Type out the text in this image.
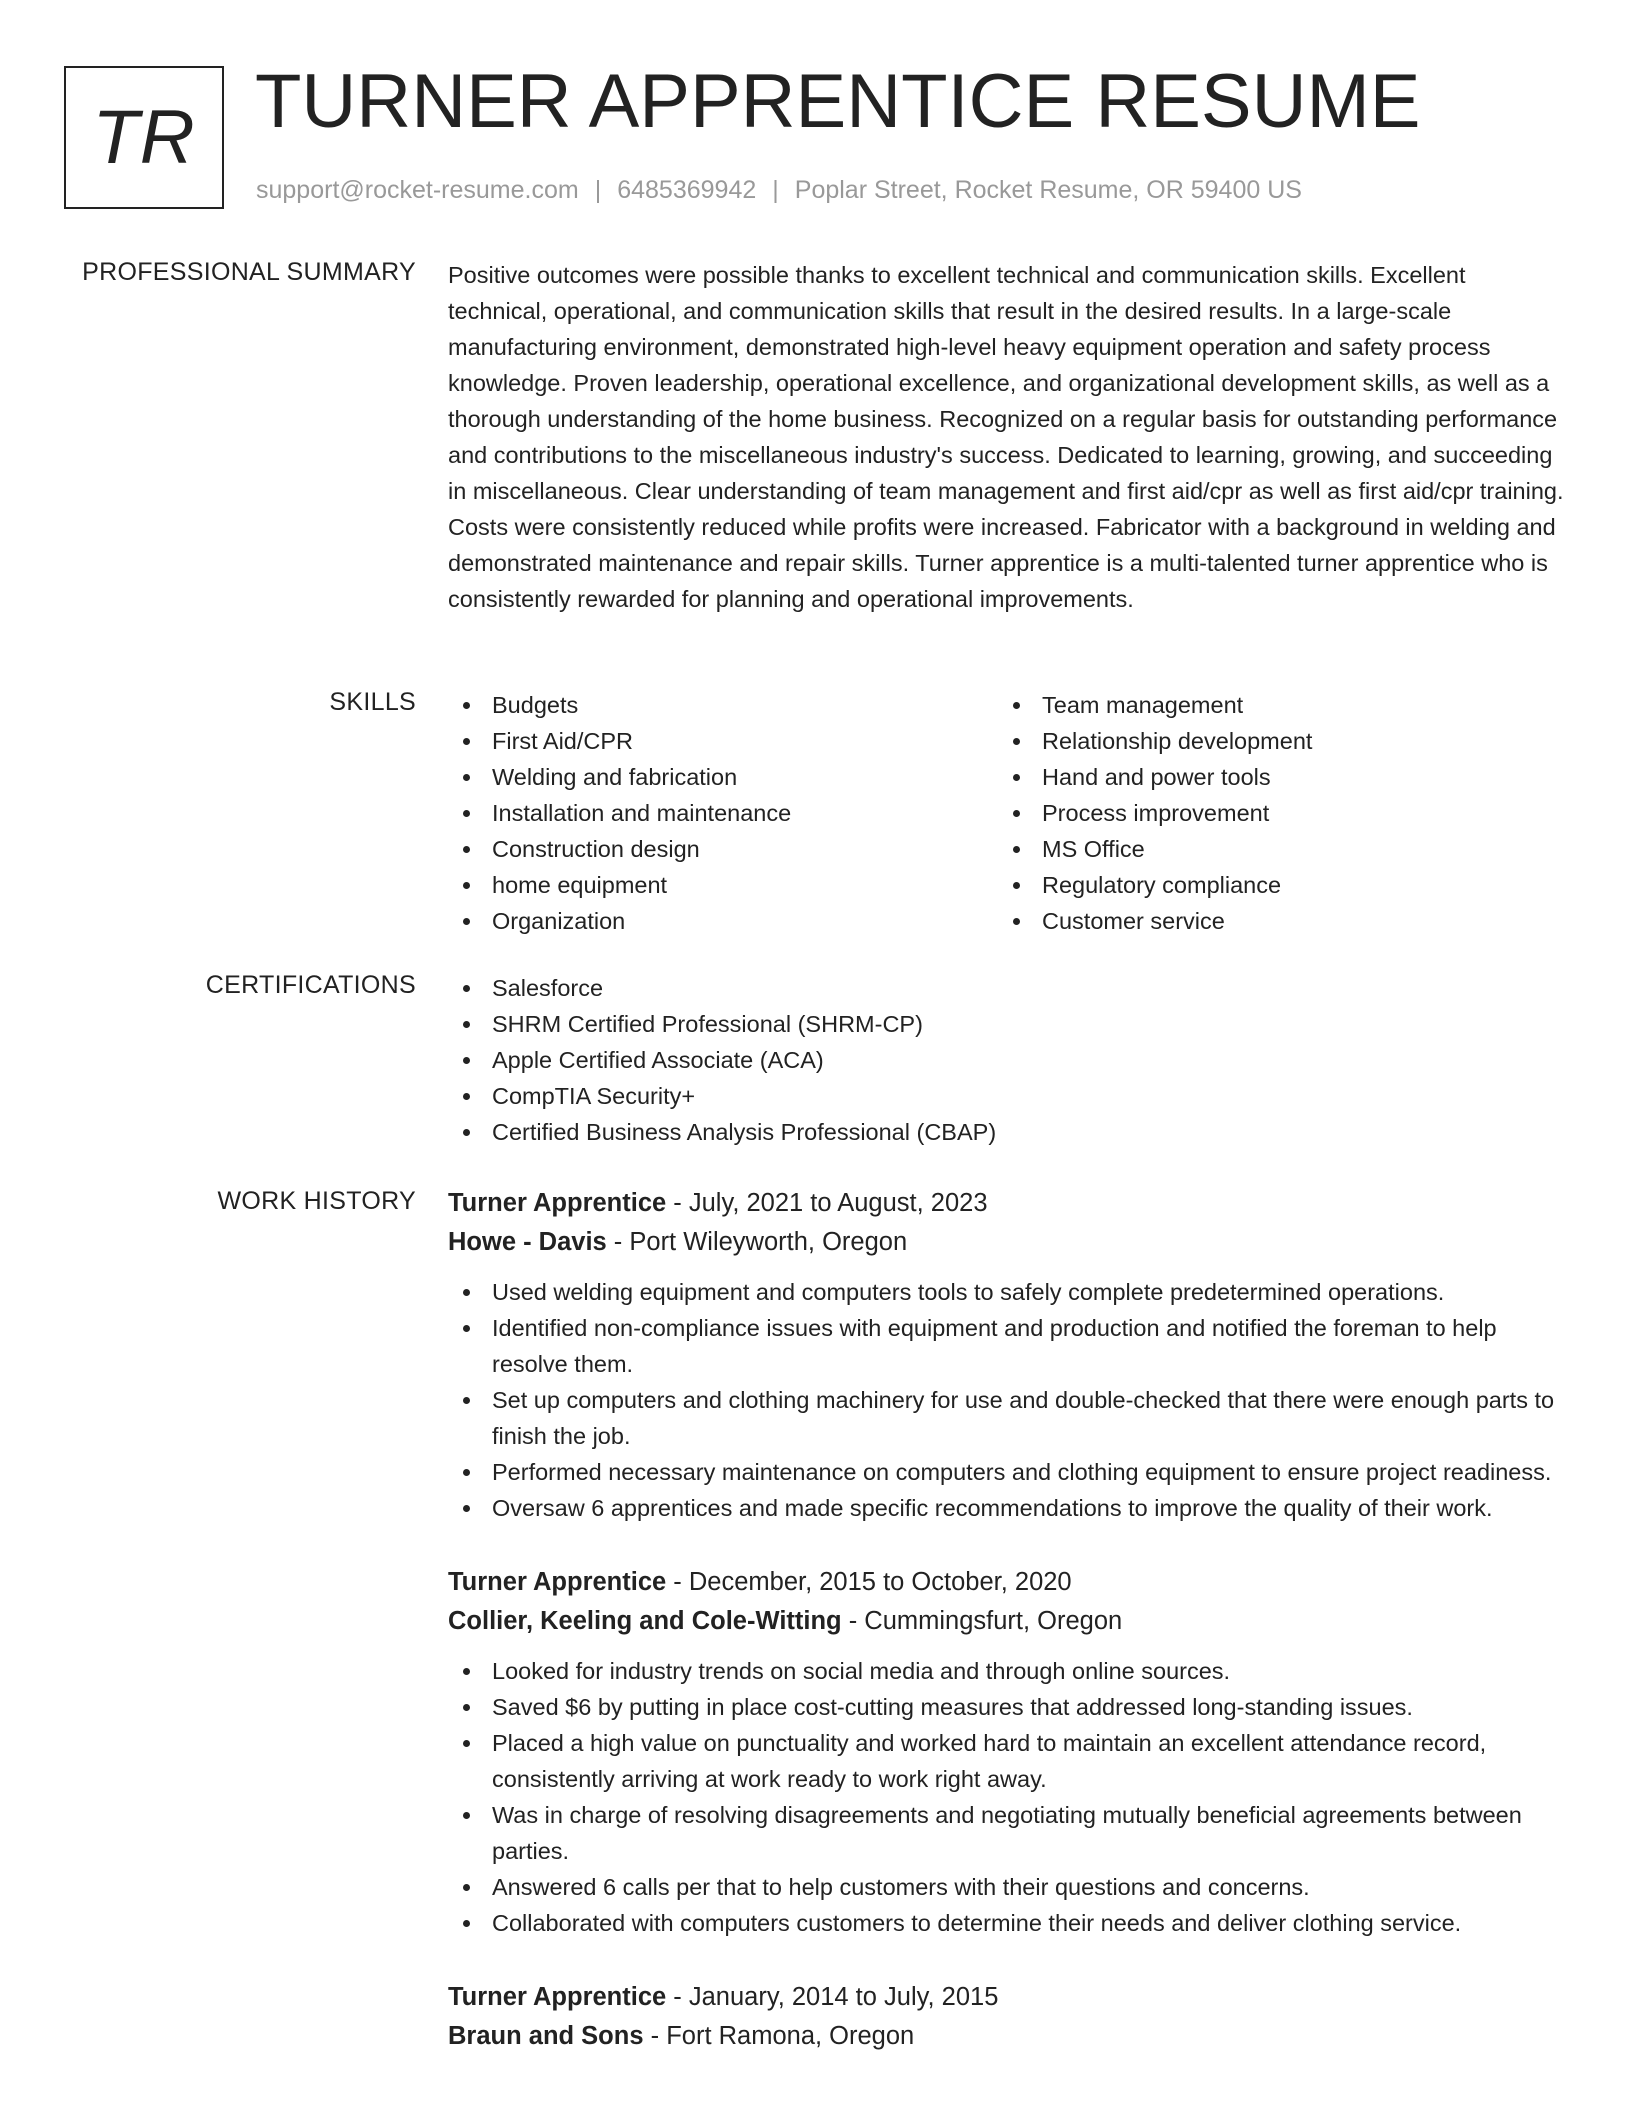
TR TURNER APPRENTICE RESUME
support@rocket-resume.com | 6485369942 | Poplar Street, Rocket Resume, OR 59400 US
PROFESSIONAL SUMMARY Positive outcomes were possible thanks to excellent technical and communication skills. Excellent technical, operational, and communication skills that result in the desired results. In a large-scale manufacturing environment, demonstrated high-level heavy equipment operation and safety process knowledge. Proven leadership, operational excellence, and organizational development skills, as well as a thorough understanding of the home business. Recognized on a regular basis for outstanding performance and contributions to the miscellaneous industry's success. Dedicated to learning, growing, and succeeding in miscellaneous. Clear understanding of team management and first aid/cpr as well as first aid/cpr training. Costs were consistently reduced while profits were increased. Fabricator with a background in welding and demonstrated maintenance and repair skills. Turner apprentice is a multi-talented turner apprentice who is consistently rewarded for planning and operational improvements.

SKILLS	Budgets
First Aid/CPR
Welding and fabrication
Installation and maintenance
Construction design
home equipment
Organization
Team management
Relationship development
Hand and power tools
Process improvement
MS Office
Regulatory compliance
Customer service
CERTIFICATIONS	Salesforce
SHRM Certified Professional (SHRM-CP)
Apple Certified Associate (ACA)
CompTIA Security+
Certified Business Analysis Professional (CBAP)
WORK HISTORY Turner Apprentice - July, 2021 to August, 2023
Howe - Davis - Port Wileyworth, Oregon
Used welding equipment and computers tools to safely complete predetermined operations.
Identified non-compliance issues with equipment and production and notified the foreman to help resolve them.
Set up computers and clothing machinery for use and double-checked that there were enough parts to finish the job.
Performed necessary maintenance on computers and clothing equipment to ensure project readiness.
Oversaw 6 apprentices and made specific recommendations to improve the quality of their work.
Turner Apprentice - December, 2015 to October, 2020
Collier, Keeling and Cole-Witting - Cummingsfurt, Oregon
Looked for industry trends on social media and through online sources.
Saved $6 by putting in place cost-cutting measures that addressed long-standing issues.
Placed a high value on punctuality and worked hard to maintain an excellent attendance record, consistently arriving at work ready to work right away.
Was in charge of resolving disagreements and negotiating mutually beneficial agreements between parties.
Answered 6 calls per that to help customers with their questions and concerns.
Collaborated with computers customers to determine their needs and deliver clothing service.
Turner Apprentice - January, 2014 to July, 2015
Braun and Sons - Fort Ramona, Oregon
